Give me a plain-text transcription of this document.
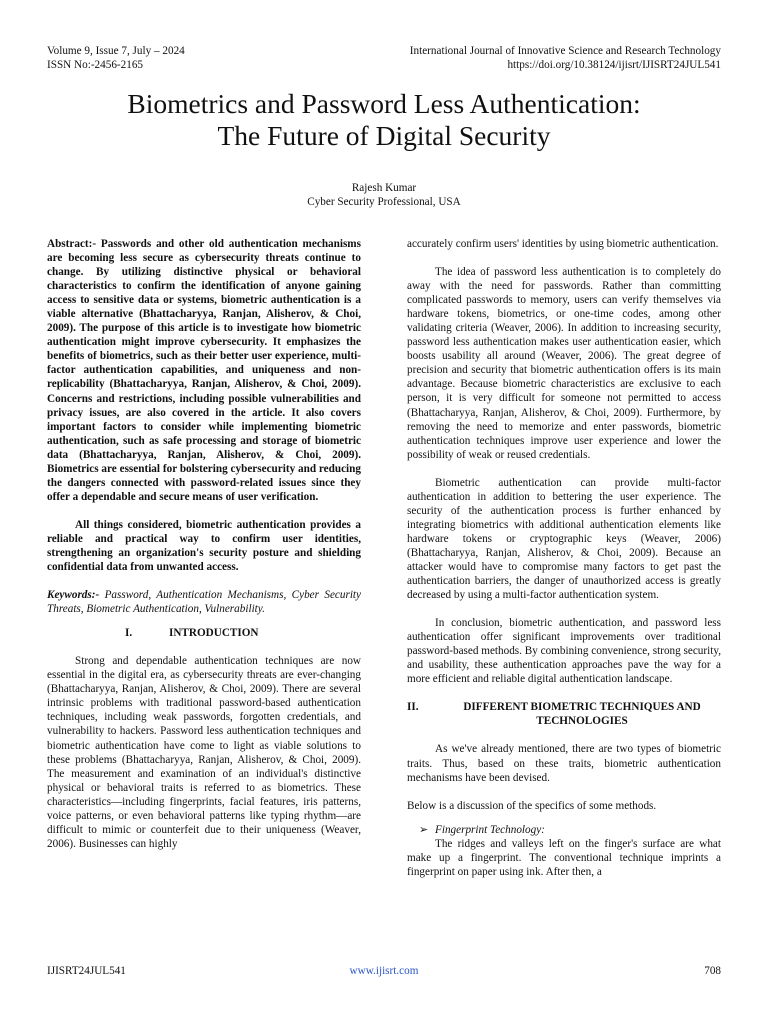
Volume 9, Issue 7, July – 2024
ISSN No:-2456-2165
International Journal of Innovative Science and Research Technology
https://doi.org/10.38124/ijisrt/IJISRT24JUL541
Biometrics and Password Less Authentication:
The Future of Digital Security
Rajesh Kumar
Cyber Security Professional, USA

Abstract:- Passwords and other old authentication mechanisms are becoming less secure as cybersecurity threats continue to change. By utilizing distinctive physical or behavioral characteristics to confirm the identification of anyone gaining access to sensitive data or systems, biometric authentication is a viable alternative (Bhattacharyya, Ranjan, Alisherov, & Choi, 2009). The purpose of this article is to investigate how biometric authentication might improve cybersecurity. It emphasizes the benefits of biometrics, such as their better user experience, multi-factor authentication capabilities, and uniqueness and non-replicability (Bhattacharyya, Ranjan, Alisherov, & Choi, 2009). Concerns and restrictions, including possible vulnerabilities and privacy issues, are also covered in the article. It also covers important factors to consider while implementing biometric authentication, such as safe processing and storage of biometric data (Bhattacharyya, Ranjan, Alisherov, & Choi, 2009). Biometrics are essential for bolstering cybersecurity and reducing the dangers connected with password-related issues since they offer a dependable and secure means of user verification.

All things considered, biometric authentication provides a reliable and practical way to confirm user identities, strengthening an organization's security posture and shielding confidential data from unwanted access.

Keywords:- Password, Authentication Mechanisms, Cyber Security Threats, Biometric Authentication, Vulnerability.

I.	INTRODUCTION

Strong and dependable authentication techniques are now essential in the digital era, as cybersecurity threats are ever-changing (Bhattacharyya, Ranjan, Alisherov, & Choi, 2009). There are several intrinsic problems with traditional password-based authentication techniques, including weak passwords, forgotten credentials, and vulnerability to hackers. Password less authentication techniques and biometric authentication have come to light as viable solutions to these problems (Bhattacharyya, Ranjan, Alisherov, & Choi, 2009). The measurement and examination of an individual's distinctive physical or behavioral traits is referred to as biometrics. These characteristics—including fingerprints, facial features, iris patterns, voice patterns, or even behavioral patterns like typing rhythm—are difficult to mimic or counterfeit due to their uniqueness (Weaver, 2006). Businesses can highly

accurately confirm users' identities by using biometric authentication.

The idea of password less authentication is to completely do away with the need for passwords. Rather than committing complicated passwords to memory, users can verify themselves via hardware tokens, biometrics, or one-time codes, among other validating criteria (Weaver, 2006). In addition to increasing security, password less authentication makes user authentication easier, which boosts usability all around (Weaver, 2006). The great degree of precision and security that biometric authentication offers is its main advantage. Because biometric characteristics are exclusive to each person, it is very difficult for someone not permitted to access (Bhattacharyya, Ranjan, Alisherov, & Choi, 2009). Furthermore, by removing the need to memorize and enter passwords, biometric authentication techniques improve user experience and lower the possibility of weak or reused credentials.

Biometric authentication can provide multi-factor authentication in addition to bettering the user experience. The security of the authentication process is further enhanced by integrating biometrics with additional authentication elements like hardware tokens or cryptographic keys (Weaver, 2006) (Bhattacharyya, Ranjan, Alisherov, & Choi, 2009). Because an attacker would have to compromise many factors to get past the authentication barriers, the danger of unauthorized access is greatly decreased by using a multi-factor authentication system.

In conclusion, biometric authentication, and password less authentication offer significant improvements over traditional password-based methods. By combining convenience, strong security, and usability, these authentication approaches pave the way for a more efficient and reliable digital authentication landscape.

II.	DIFFERENT BIOMETRIC TECHNIQUES AND TECHNOLOGIES

As we've already mentioned, there are two types of biometric traits. Thus, based on these traits, biometric authentication mechanisms have been devised.

Below is a discussion of the specifics of some methods.

➢ Fingerprint Technology:

The ridges and valleys left on the finger's surface are what make up a fingerprint. The conventional technique imprints a fingerprint on paper using ink. After then, a

IJISRT24JUL541	www.ijisrt.com	708
